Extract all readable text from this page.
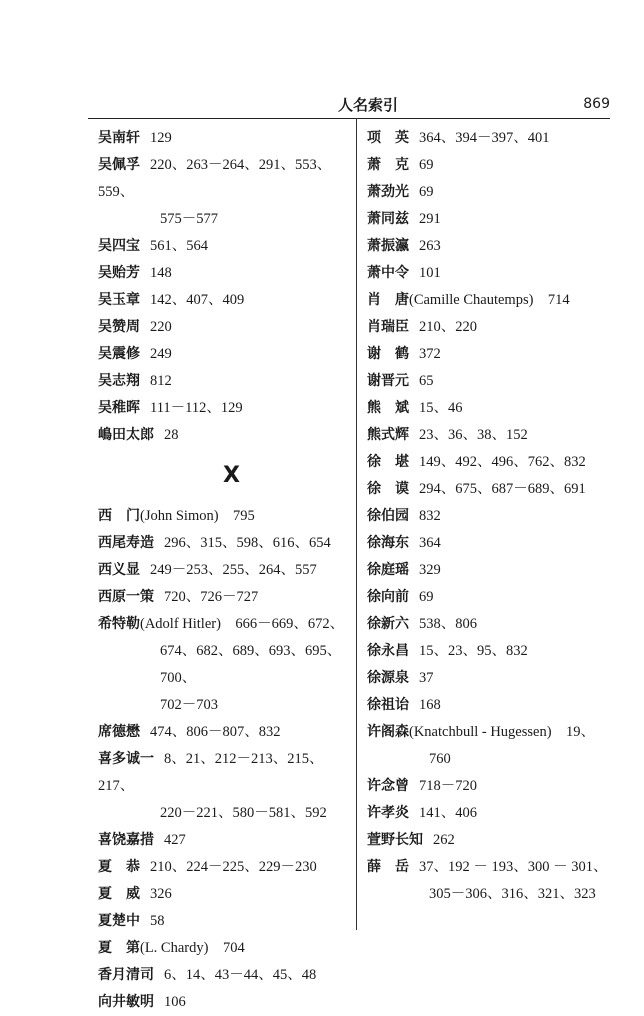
人名索引	869
吴南轩 129
吴佩孚 220、263－264、291、553、559、
575－577
吴四宝 561、564
吴贻芳 148
吴玉章 142、407、409
吴赞周 220
吴震修 249
吴志翔 812
吴稚晖 111－112、129
嶋田太郎 28
X
西　门(John Simon)　795
西尾寿造 296、315、598、616、654
西义显 249－253、255、264、557
西原一策 720、726－727
希特勒(Adolf Hitler)　666－669、672、
674、682、689、693、695、700、
702－703
席德懋 474、806－807、832
喜多诚一 8、21、212－213、215、217、
220－221、580－581、592
喜饶嘉措 427
夏　恭 210、224－225、229－230
夏　威 326
夏楚中 58
夏　第(L. Chardy)　704
香月清司 6、14、43－44、45、48
向井敏明 106
项　英 364、394－397、401
萧　克 69
萧劲光 69
萧同兹 291
萧振瀛 263
萧中令 101
肖　唐(Camille Chautemps)　714
肖瑞臣 210、220
谢　鹤 372
谢晋元 65
熊　斌 15、46
熊式辉 23、36、38、152
徐　堪 149、492、496、762、832
徐　谟 294、675、687－689、691
徐伯园 832
徐海东 364
徐庭瑶 329
徐向前 69
徐新六 538、806
徐永昌 15、23、95、832
徐源泉 37
徐祖诒 168
许阁森(Knatchbull - Hugessen)　19、
760
许念曾 718－720
许孝炎 141、406
萱野长知 262
薛　岳 37、192 － 193、300 － 301、
305－306、316、321、323
